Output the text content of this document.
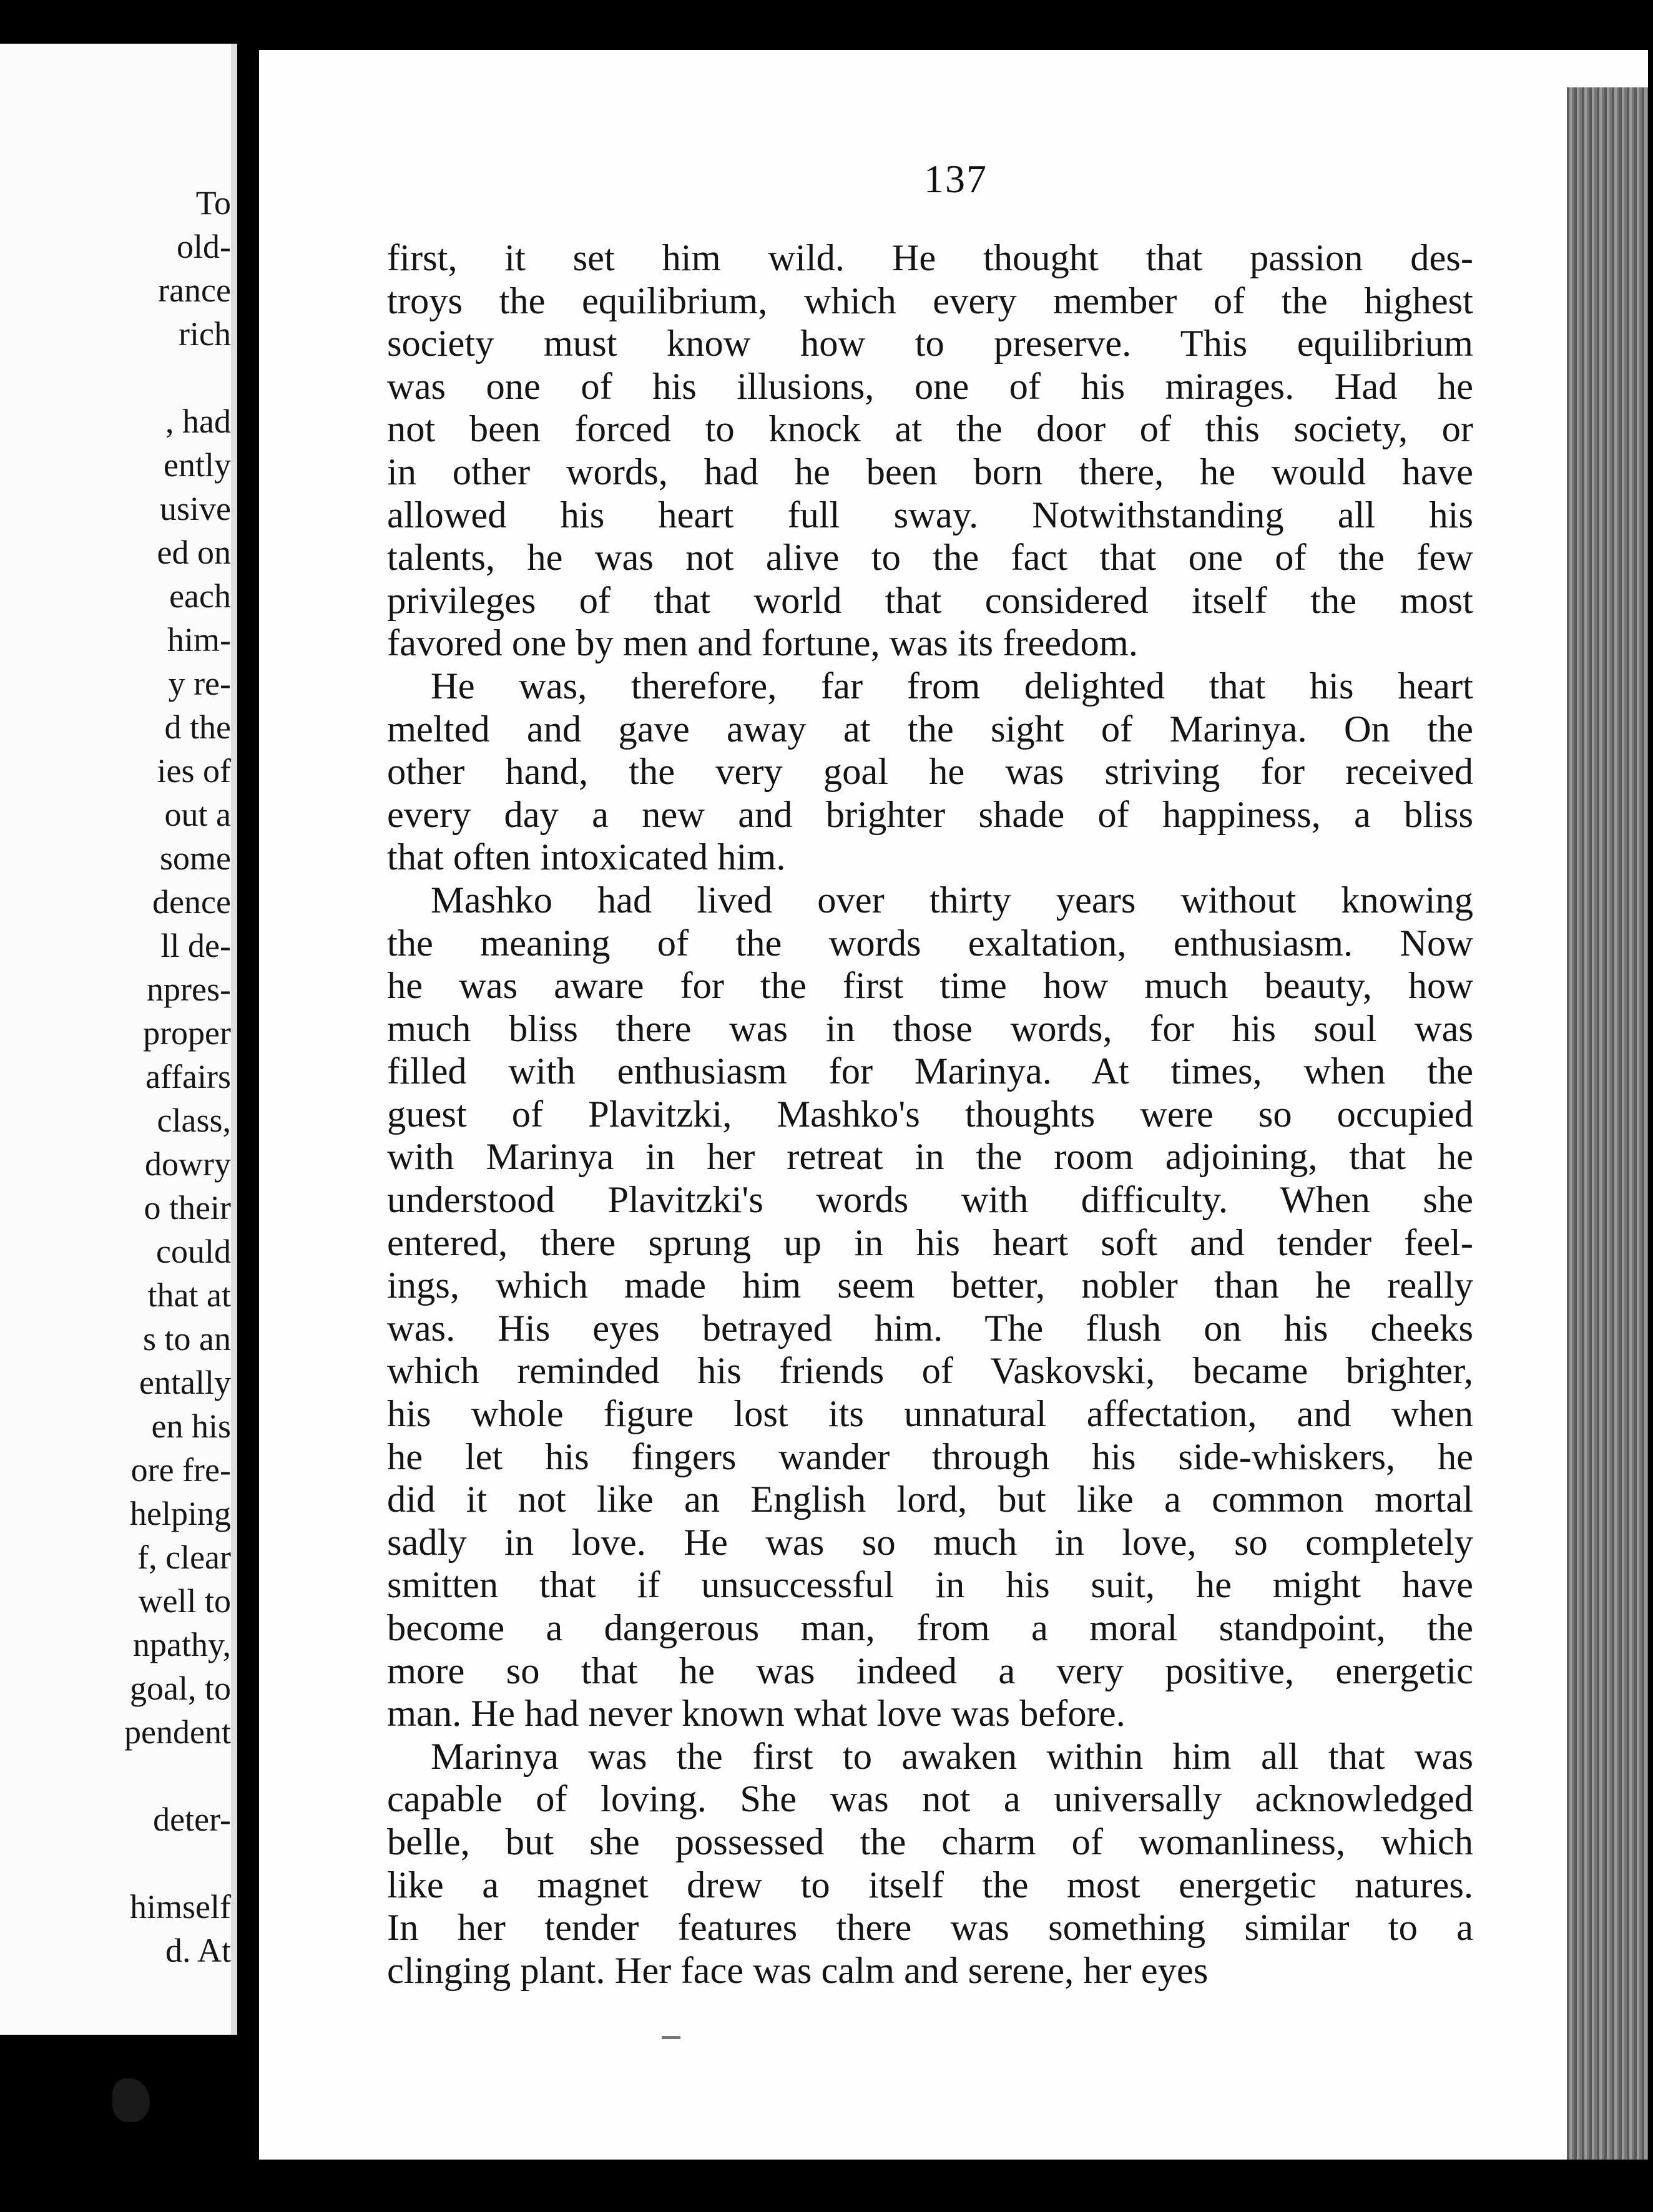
To
old-
rance
rich
, had
ently
usive
ed on
each
him-
y re-
d the
ies of
out a
some
dence
ll de-
npres-
proper
affairs
class,
dowry
o their
could
that at
s to an
entally
en his
ore fre-
helping
f, clear
well to
npathy,
goal, to
pendent
deter-
himself
d. At
137
first, it set him wild. He thought that passion des-
troys the equilibrium, which every member of the highest
society must know how to preserve. This equilibrium
was one of his illusions, one of his mirages. Had he
not been forced to knock at the door of this society, or
in other words, had he been born there, he would have
allowed his heart full sway. Notwithstanding all his
talents, he was not alive to the fact that one of the few
privileges of that world that considered itself the most
favored one by men and fortune, was its freedom.
He was, therefore, far from delighted that his heart
melted and gave away at the sight of Marinya. On the
other hand, the very goal he was striving for received
every day a new and brighter shade of happiness, a bliss
that often intoxicated him.
Mashko had lived over thirty years without knowing
the meaning of the words exaltation, enthusiasm. Now
he was aware for the first time how much beauty, how
much bliss there was in those words, for his soul was
filled with enthusiasm for Marinya. At times, when the
guest of Plavitzki, Mashko's thoughts were so occupied
with Marinya in her retreat in the room adjoining, that he
understood Plavitzki's words with difficulty. When she
entered, there sprung up in his heart soft and tender feel-
ings, which made him seem better, nobler than he really
was. His eyes betrayed him. The flush on his cheeks
which reminded his friends of Vaskovski, became brighter,
his whole figure lost its unnatural affectation, and when
he let his fingers wander through his side-whiskers, he
did it not like an English lord, but like a common mortal
sadly in love. He was so much in love, so completely
smitten that if unsuccessful in his suit, he might have
become a dangerous man, from a moral standpoint, the
more so that he was indeed a very positive, energetic
man. He had never known what love was before.
Marinya was the first to awaken within him all that was
capable of loving. She was not a universally acknowledged
belle, but she possessed the charm of womanliness, which
like a magnet drew to itself the most energetic natures.
In her tender features there was something similar to a
clinging plant. Her face was calm and serene, her eyes
